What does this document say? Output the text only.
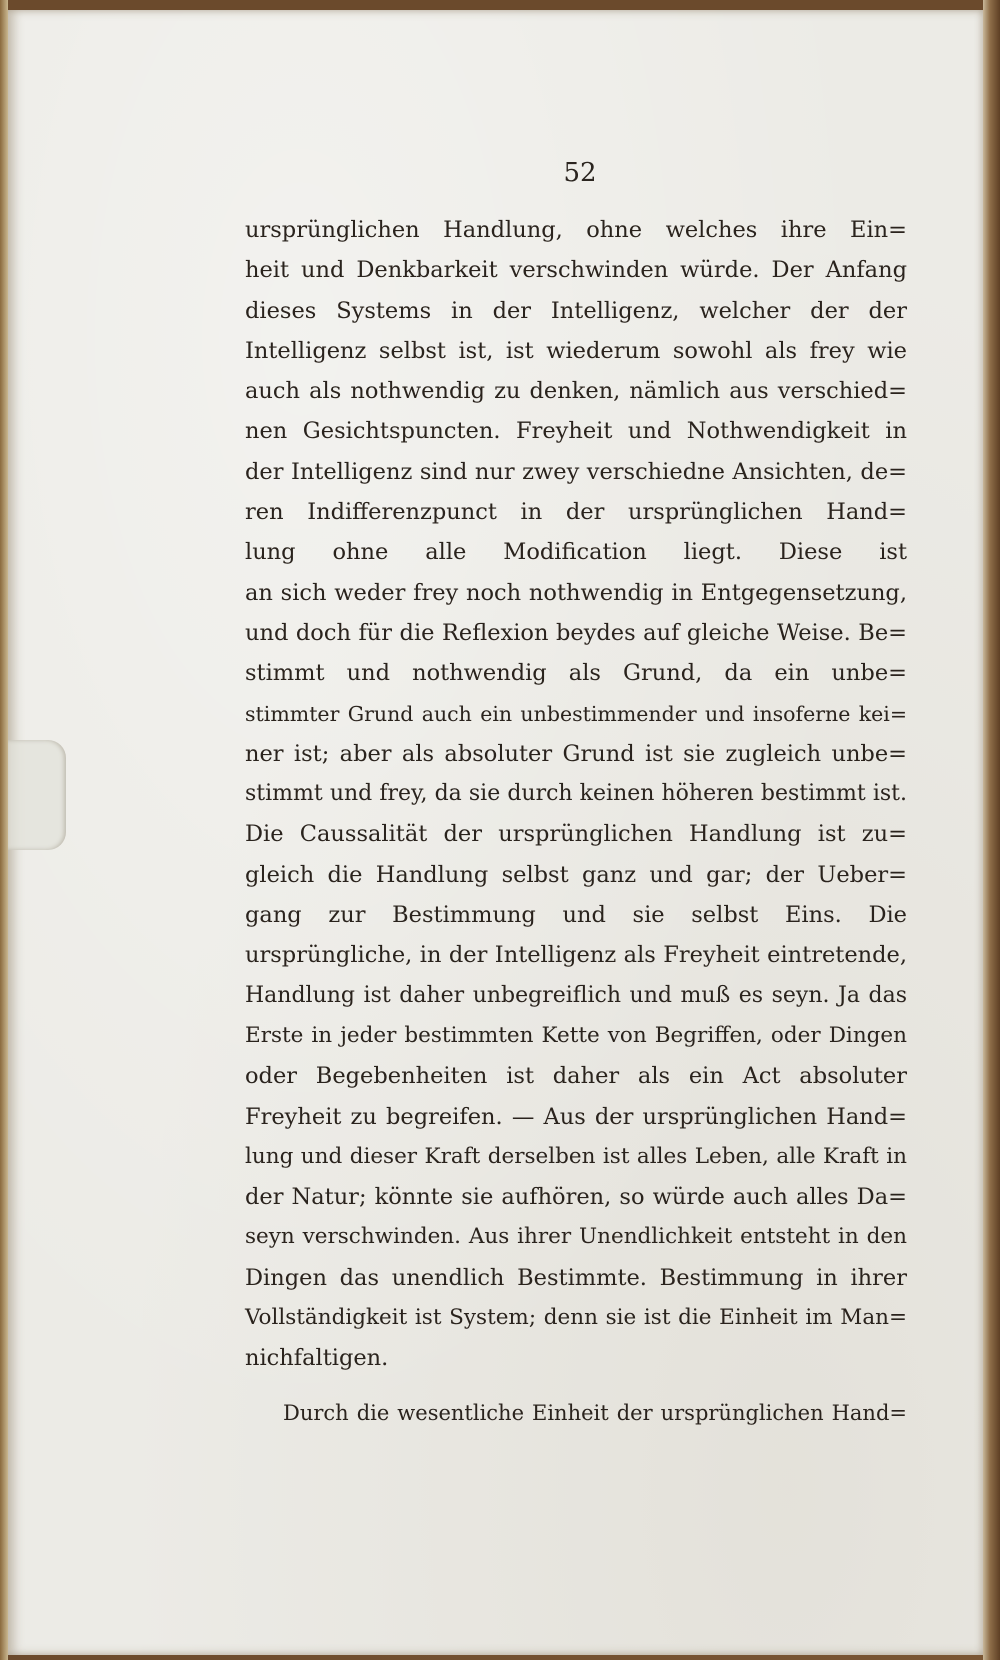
52
ursprünglichen Handlung, ohne welches ihre Ein=
heit und Denkbarkeit verschwinden würde. Der Anfang
dieses Systems in der Intelligenz, welcher der der
Intelligenz selbst ist, ist wiederum sowohl als frey wie
auch als nothwendig zu denken, nämlich aus verschied=
nen Gesichtspuncten. Freyheit und Nothwendigkeit in
der Intelligenz sind nur zwey verschiedne Ansichten, de=
ren Indifferenzpunct in der ursprünglichen Hand=
lung ohne alle Modification liegt. Diese ist
an sich weder frey noch nothwendig in Entgegensetzung,
und doch für die Reflexion beydes auf gleiche Weise. Be=
stimmt und nothwendig als Grund, da ein unbe=
stimmter Grund auch ein unbestimmender und insoferne kei=
ner ist; aber als absoluter Grund ist sie zugleich unbe=
stimmt und frey, da sie durch keinen höheren bestimmt ist.
Die Caussalität der ursprünglichen Handlung ist zu=
gleich die Handlung selbst ganz und gar; der Ueber=
gang zur Bestimmung und sie selbst Eins. Die
ursprüngliche, in der Intelligenz als Freyheit eintretende,
Handlung ist daher unbegreiflich und muß es seyn. Ja das
Erste in jeder bestimmten Kette von Begriffen, oder Dingen
oder Begebenheiten ist daher als ein Act absoluter
Freyheit zu begreifen. — Aus der ursprünglichen Hand=
lung und dieser Kraft derselben ist alles Leben, alle Kraft in
der Natur; könnte sie aufhören, so würde auch alles Da=
seyn verschwinden. Aus ihrer Unendlichkeit entsteht in den
Dingen das unendlich Bestimmte. Bestimmung in ihrer
Vollständigkeit ist System; denn sie ist die Einheit im Man=
nichfaltigen.
Durch die wesentliche Einheit der ursprünglichen Hand=
